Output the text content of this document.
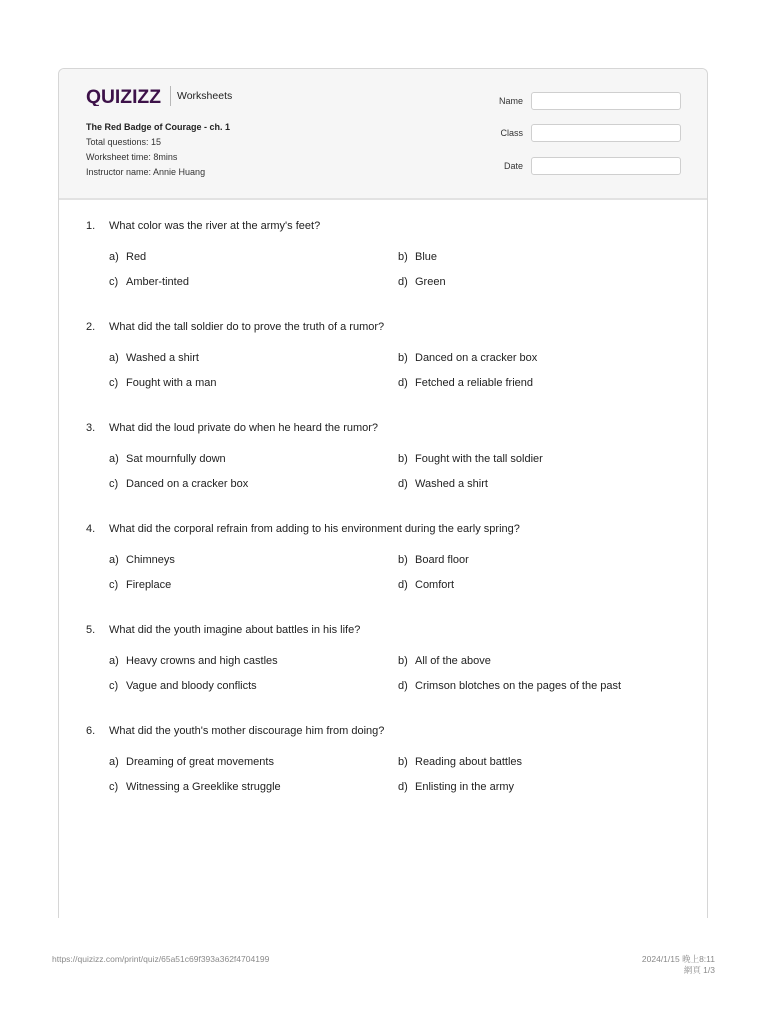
QUIZIZZ Worksheets
The Red Badge of Courage - ch. 1
Total questions: 15
Worksheet time: 8mins
Instructor name: Annie Huang
Name
Class
Date
1.	What color was the river at the army's feet?
a) Red	b) Blue
c) Amber-tinted	d) Green
2.	What did the tall soldier do to prove the truth of a rumor?
a) Washed a shirt	b) Danced on a cracker box
c) Fought with a man	d) Fetched a reliable friend
3.	What did the loud private do when he heard the rumor?
a) Sat mournfully down	b) Fought with the tall soldier
c) Danced on a cracker box	d) Washed a shirt
4.	What did the corporal refrain from adding to his environment during the early spring?
a) Chimneys	b) Board floor
c) Fireplace	d) Comfort
5.	What did the youth imagine about battles in his life?
a) Heavy crowns and high castles	b) All of the above
c) Vague and bloody conflicts	d) Crimson blotches on the pages of the past
6.	What did the youth's mother discourage him from doing?
a) Dreaming of great movements	b) Reading about battles
c) Witnessing a Greeklike struggle	d) Enlisting in the army
https://quizizz.com/print/quiz/65a51c69f393a362f4704199	2024/1/15 晚上8:11
網頁 1/3
